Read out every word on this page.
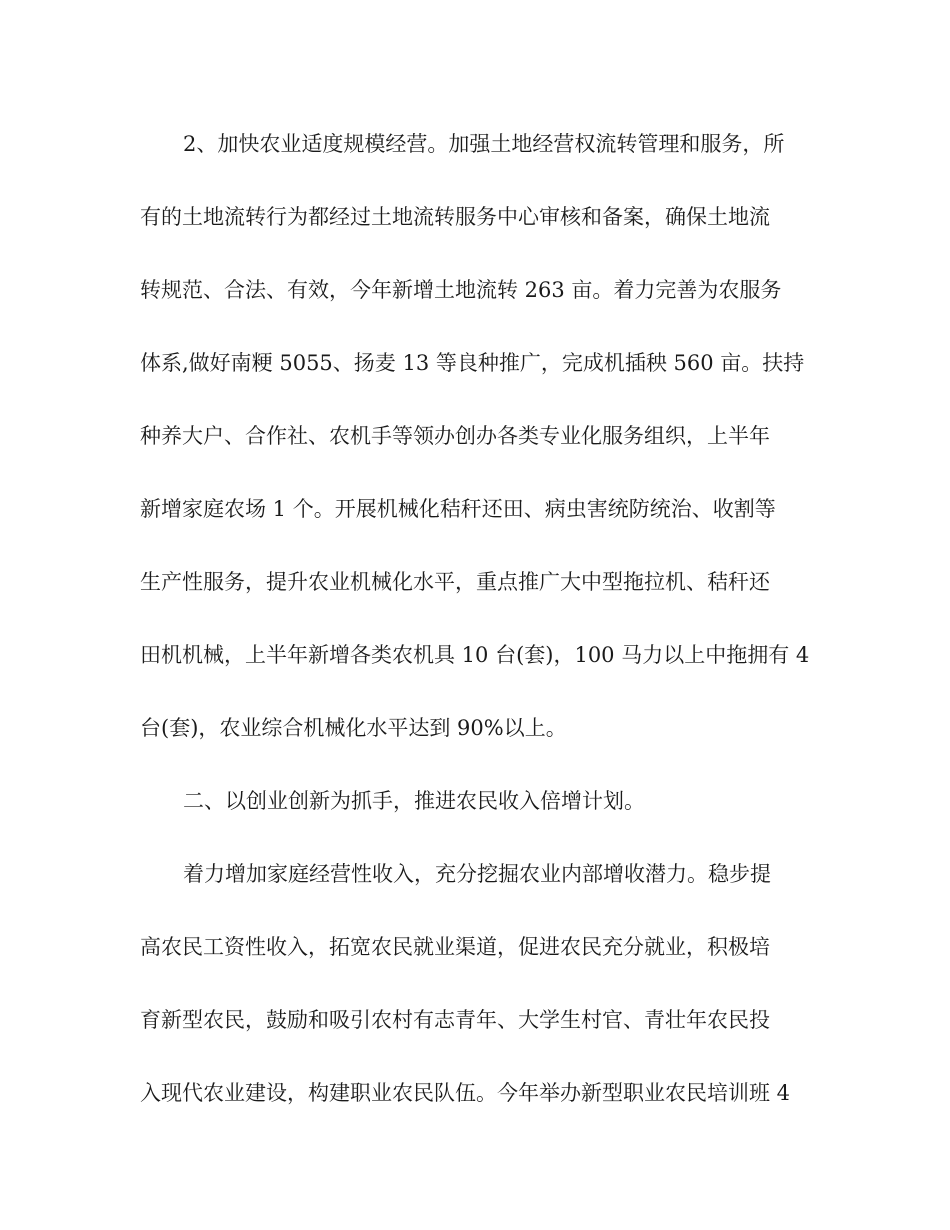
2、加快农业适度规模经营。加强土地经营权流转管理和服务，所
有的土地流转行为都经过土地流转服务中心审核和备案，确保土地流
转规范、合法、有效，今年新增土地流转 263 亩。着力完善为农服务
体系,做好南粳 5055、扬麦 13 等良种推广，完成机插秧 560 亩。扶持
种养大户、合作社、农机手等领办创办各类专业化服务组织，上半年
新增家庭农场 1 个。开展机械化秸秆还田、病虫害统防统治、收割等
生产性服务，提升农业机械化水平，重点推广大中型拖拉机、秸秆还
田机机械，上半年新增各类农机具 10 台(套)，100 马力以上中拖拥有 4
台(套)，农业综合机械化水平达到 90%以上。
二、以创业创新为抓手，推进农民收入倍增计划。
着力增加家庭经营性收入，充分挖掘农业内部增收潜力。稳步提
高农民工资性收入，拓宽农民就业渠道，促进农民充分就业，积极培
育新型农民，鼓励和吸引农村有志青年、大学生村官、青壮年农民投
入现代农业建设，构建职业农民队伍。今年举办新型职业农民培训班 4
